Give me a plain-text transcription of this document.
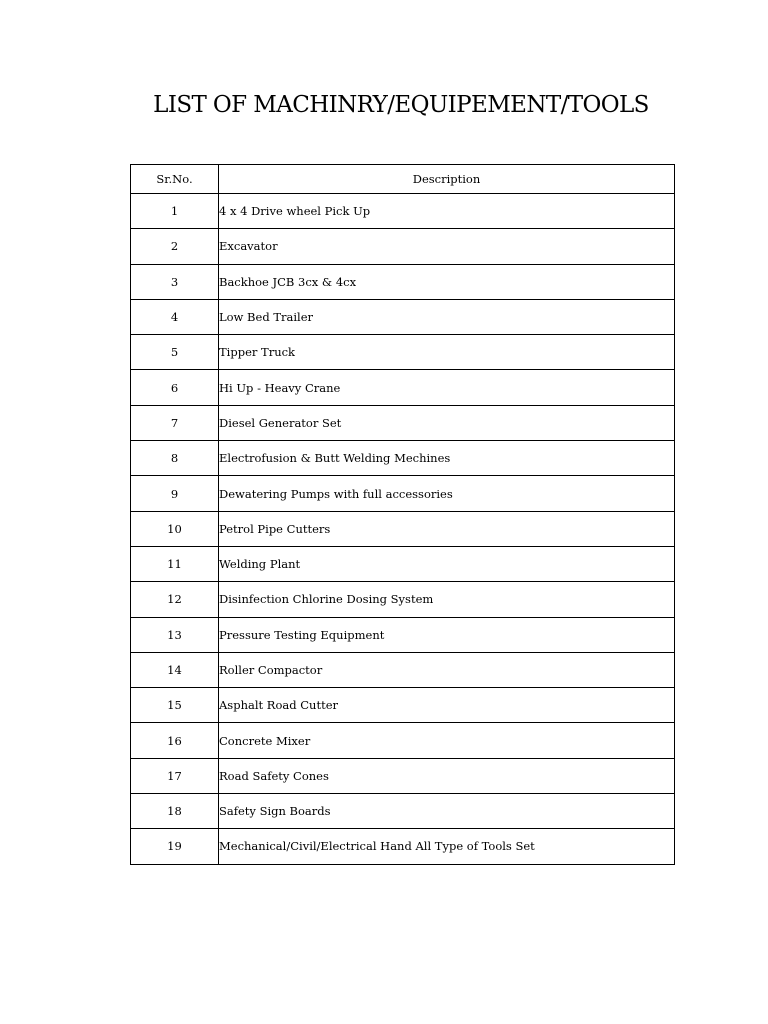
LIST OF MACHINRY/EQUIPEMENT/TOOLS
Sr.No.	Description
1	4 x 4 Drive wheel Pick Up
2	Excavator
3	Backhoe JCB 3cx & 4cx
4	Low Bed Trailer
5	Tipper Truck
6	Hi Up - Heavy Crane
7	Diesel Generator Set
8	Electrofusion & Butt Welding Mechines
9	Dewatering Pumps with full accessories
10	Petrol Pipe Cutters
11	Welding Plant
12	Disinfection Chlorine Dosing System
13	Pressure Testing Equipment
14	Roller Compactor
15	Asphalt Road Cutter
16	Concrete Mixer
17	Road Safety Cones
18	Safety Sign Boards
19	Mechanical/Civil/Electrical Hand All Type of Tools Set
